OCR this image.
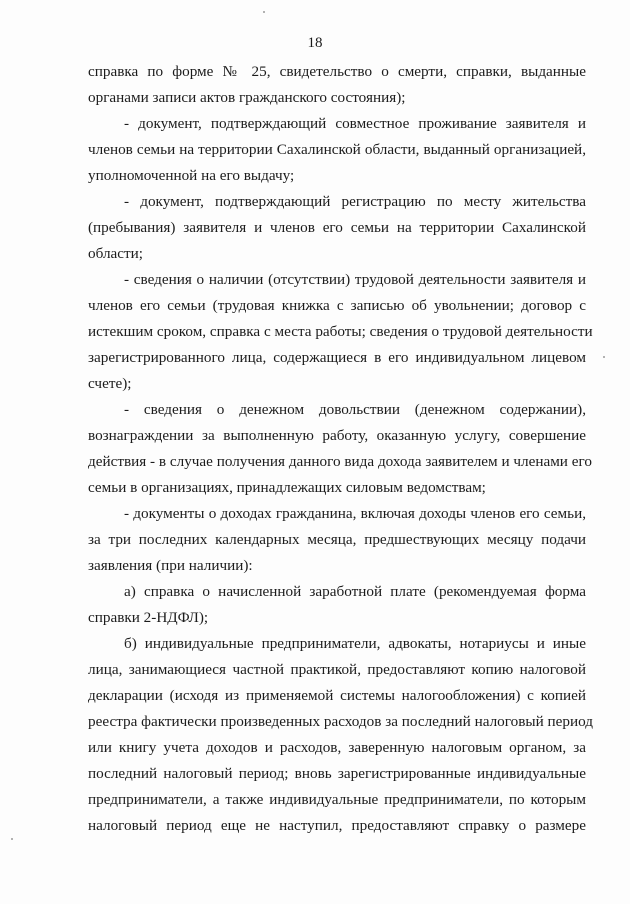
18
справка по форме № 25, свидетельство о смерти, справки, выданные
органами записи актов гражданского состояния);
- документ, подтверждающий совместное проживание заявителя и
членов семьи на территории Сахалинской области, выданный организацией,
уполномоченной на его выдачу;
- документ, подтверждающий регистрацию по месту жительства
(пребывания) заявителя и членов его семьи на территории Сахалинской
области;
- сведения о наличии (отсутствии) трудовой деятельности заявителя и
членов его семьи (трудовая книжка с записью об увольнении; договор с
истекшим сроком, справка с места работы; сведения о трудовой деятельности
зарегистрированного лица, содержащиеся в его индивидуальном лицевом
счете);
- сведения о денежном довольствии (денежном содержании),
вознаграждении за выполненную работу, оказанную услугу, совершение
действия - в случае получения данного вида дохода заявителем и членами его
семьи в организациях, принадлежащих силовым ведомствам;
- документы о доходах гражданина, включая доходы членов его семьи,
за три последних календарных месяца, предшествующих месяцу подачи
заявления (при наличии):
а) справка о начисленной заработной плате (рекомендуемая форма
справки 2-НДФЛ);
б) индивидуальные предприниматели, адвокаты, нотариусы и иные
лица, занимающиеся частной практикой, предоставляют копию налоговой
декларации (исходя из применяемой системы налогообложения) с копией
реестра фактически произведенных расходов за последний налоговый период
или книгу учета доходов и расходов, заверенную налоговым органом, за
последний налоговый период; вновь зарегистрированные индивидуальные
предприниматели, а также индивидуальные предприниматели, по которым
налоговый период еще не наступил, предоставляют справку о размере
